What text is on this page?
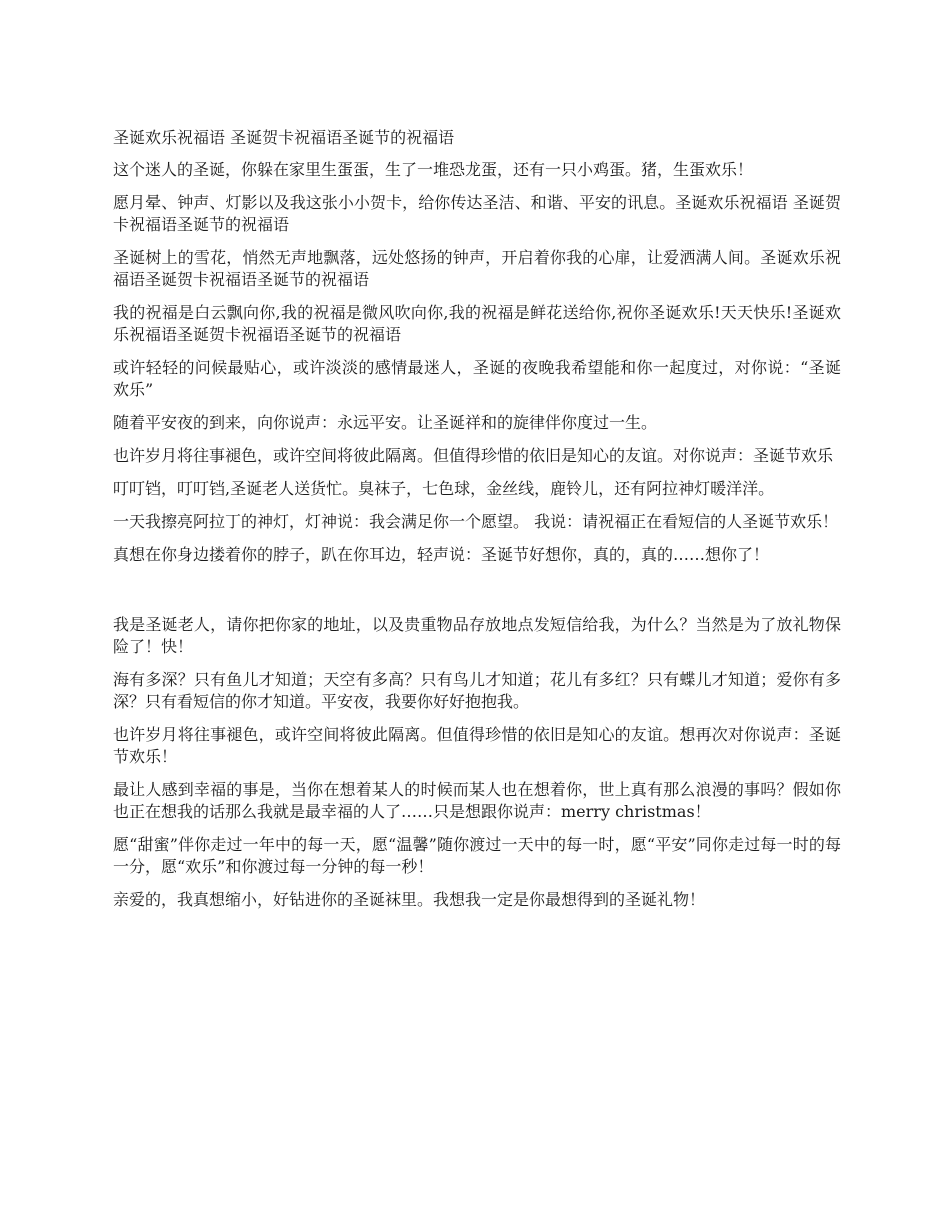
圣诞欢乐祝福语 圣诞贺卡祝福语圣诞节的祝福语

这个迷人的圣诞，你躲在家里生蛋蛋，生了一堆恐龙蛋，还有一只小鸡蛋。猪，生蛋欢乐！

愿月晕、钟声、灯影以及我这张小小贺卡，给你传达圣洁、和谐、平安的讯息。圣诞欢乐祝福语 圣诞贺卡祝福语圣诞节的祝福语

圣诞树上的雪花，悄然无声地飘落，远处悠扬的钟声，开启着你我的心扉，让爱洒满人间。圣诞欢乐祝福语圣诞贺卡祝福语圣诞节的祝福语

我的祝福是白云飘向你,我的祝福是微风吹向你,我的祝福是鲜花送给你,祝你圣诞欢乐!天天快乐!圣诞欢乐祝福语圣诞贺卡祝福语圣诞节的祝福语

或许轻轻的问候最贴心，或许淡淡的感情最迷人，圣诞的夜晚我希望能和你一起度过，对你说：“圣诞欢乐”

随着平安夜的到来，向你说声：永远平安。让圣诞祥和的旋律伴你度过一生。

也许岁月将往事褪色，或许空间将彼此隔离。但值得珍惜的依旧是知心的友谊。对你说声：圣诞节欢乐

叮叮铛，叮叮铛,圣诞老人送货忙。臭袜子，七色球，金丝线，鹿铃儿，还有阿拉神灯暖洋洋。

一天我擦亮阿拉丁的神灯，灯神说：我会满足你一个愿望。 我说：请祝福正在看短信的人圣诞节欢乐！

真想在你身边搂着你的脖子，趴在你耳边，轻声说：圣诞节好想你，真的，真的……想你了！

我是圣诞老人，请你把你家的地址，以及贵重物品存放地点发短信给我，为什么？当然是为了放礼物保险了！快！

海有多深？只有鱼儿才知道；天空有多高？只有鸟儿才知道；花儿有多红？只有蝶儿才知道；爱你有多深？只有看短信的你才知道。平安夜，我要你好好抱抱我。

也许岁月将往事褪色，或许空间将彼此隔离。但值得珍惜的依旧是知心的友谊。想再次对你说声：圣诞节欢乐！

最让人感到幸福的事是，当你在想着某人的时候而某人也在想着你，世上真有那么浪漫的事吗？假如你也正在想我的话那么我就是最幸福的人了……只是想跟你说声：merry christmas！

愿“甜蜜”伴你走过一年中的每一天，愿“温馨”随你渡过一天中的每一时，愿“平安”同你走过每一时的每一分，愿“欢乐”和你渡过每一分钟的每一秒！

亲爱的，我真想缩小，好钻进你的圣诞袜里。我想我一定是你最想得到的圣诞礼物！
